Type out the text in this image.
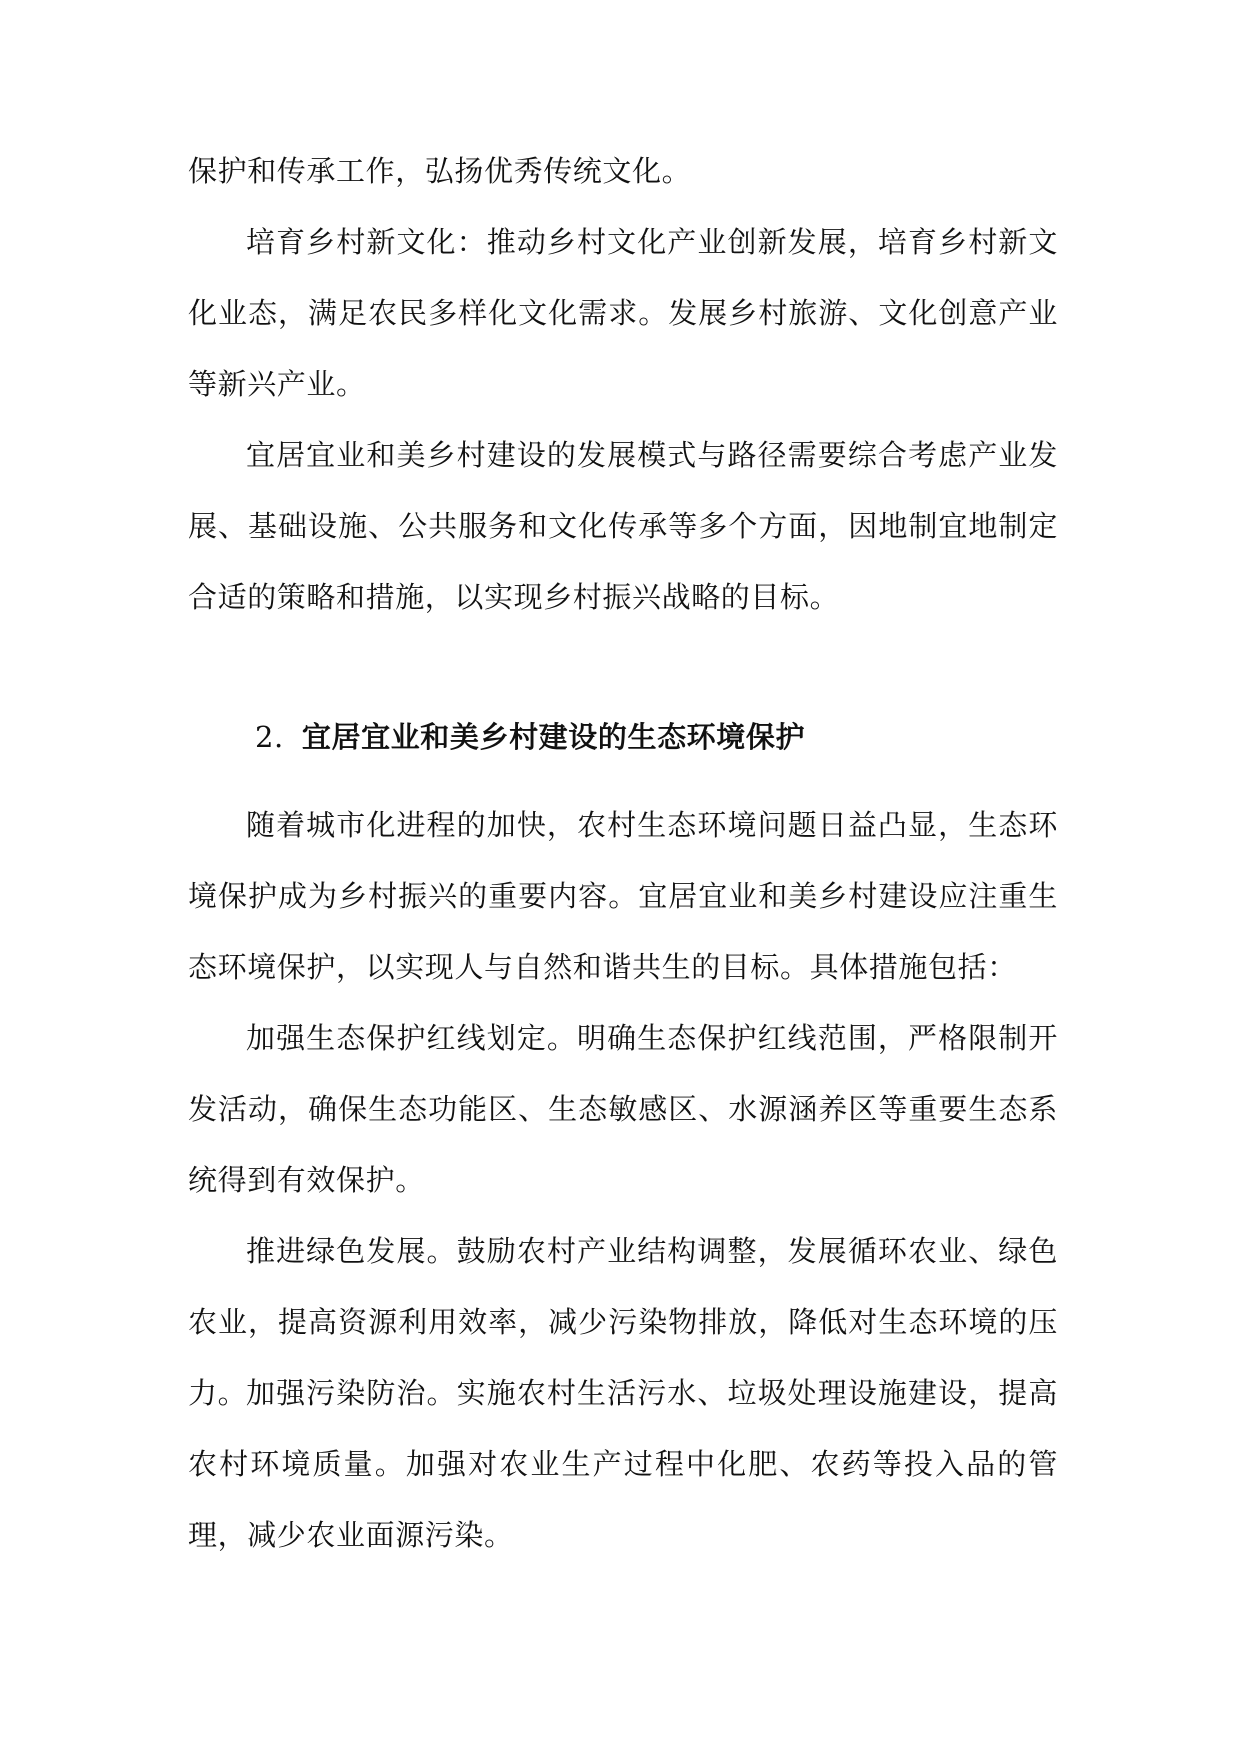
保护和传承工作，弘扬优秀传统文化。

培育乡村新文化：推动乡村文化产业创新发展，培育乡村新文化业态，满足农民多样化文化需求。发展乡村旅游、文化创意产业等新兴产业。

宜居宜业和美乡村建设的发展模式与路径需要综合考虑产业发展、基础设施、公共服务和文化传承等多个方面，因地制宜地制定合适的策略和措施，以实现乡村振兴战略的目标。

2. 宜居宜业和美乡村建设的生态环境保护

随着城市化进程的加快，农村生态环境问题日益凸显，生态环境保护成为乡村振兴的重要内容。宜居宜业和美乡村建设应注重生态环境保护，以实现人与自然和谐共生的目标。具体措施包括：

加强生态保护红线划定。明确生态保护红线范围，严格限制开发活动，确保生态功能区、生态敏感区、水源涵养区等重要生态系统得到有效保护。

推进绿色发展。鼓励农村产业结构调整，发展循环农业、绿色农业，提高资源利用效率，减少污染物排放，降低对生态环境的压力。

加强污染防治。实施农村生活污水、垃圾处理设施建设，提高农村环境质量。加强对农业生产过程中化肥、农药等投入品的管理，减少农业面源污染。
